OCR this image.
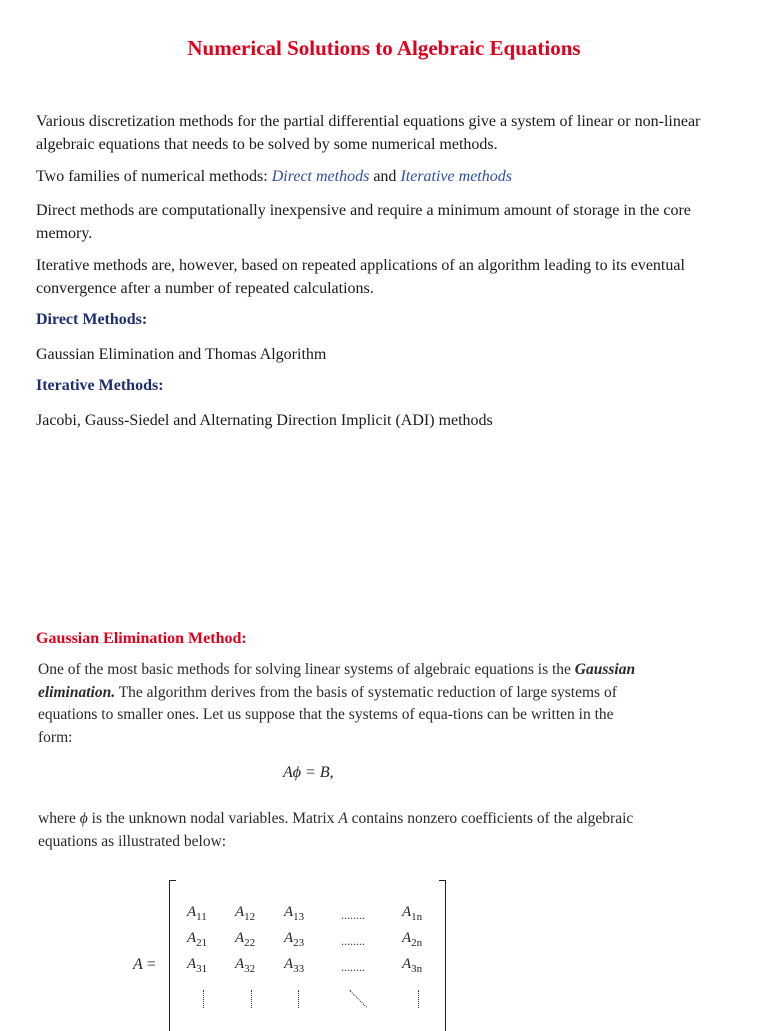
Numerical Solutions to Algebraic Equations
Various discretization methods for the partial differential equations give a system of linear or non-linear algebraic equations that needs to be solved by some numerical methods.
Two families of numerical methods: Direct methods and Iterative methods
Direct methods are computationally inexpensive and require a minimum amount of storage in the core memory.
Iterative methods are, however, based on repeated applications of an algorithm leading to its eventual convergence after a number of repeated calculations.
Direct Methods:
Gaussian Elimination and Thomas Algorithm
Iterative Methods:
Jacobi, Gauss-Siedel and Alternating Direction Implicit (ADI) methods
Gaussian Elimination Method:
One of the most basic methods for solving linear systems of algebraic equations is the Gaussian elimination. The algorithm derives from the basis of systematic reduction of large systems of equations to smaller ones. Let us suppose that the systems of equa-tions can be written in the form:
Aϕ = B,
where ϕ is the unknown nodal variables. Matrix A contains nonzero coefficients of the algebraic equations as illustrated below:
A =
$A_{11}$ $A_{12}$ $A_{13}$	........ $A_{1n}$
$A_{21}$ $A_{22}$ $A_{23}$	........ $A_{2n}$
$A_{31}$ $A_{32}$ $A_{33}$	........ $A_{3n}$
